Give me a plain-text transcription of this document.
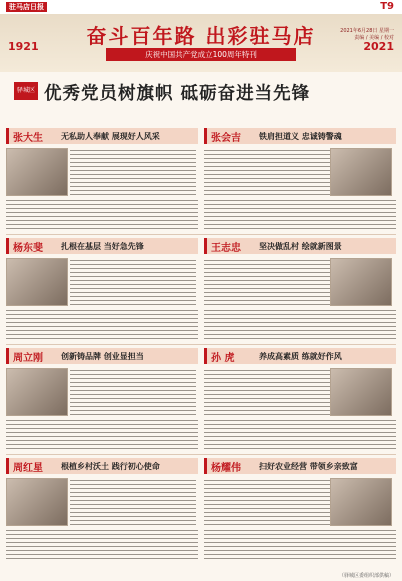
驻马店日报	T9
1921	2021
奋斗百年路 出彩驻马店
庆祝中国共产党成立100周年特刊
驿城区 优秀党员树旗帜 砥砺奋进当先锋
张大生 无私助人奉献 展现好人风采	张会吉 铁肩担道义 忠诚铸警魂
杨东斐 扎根在基层 当好急先锋	王志忠 坚决做乱村 绘就新图景
周立刚 创新铸品牌 创业显担当	孙 虎	养成高素质 练就好作风
周红星 根植乡村沃土 践行初心使命	杨耀伟 扫好农业经营 带领乡亲致富
（驿城区委组织部供稿）
2021年6月28日 星期一
责编 / 美编 / 校对
